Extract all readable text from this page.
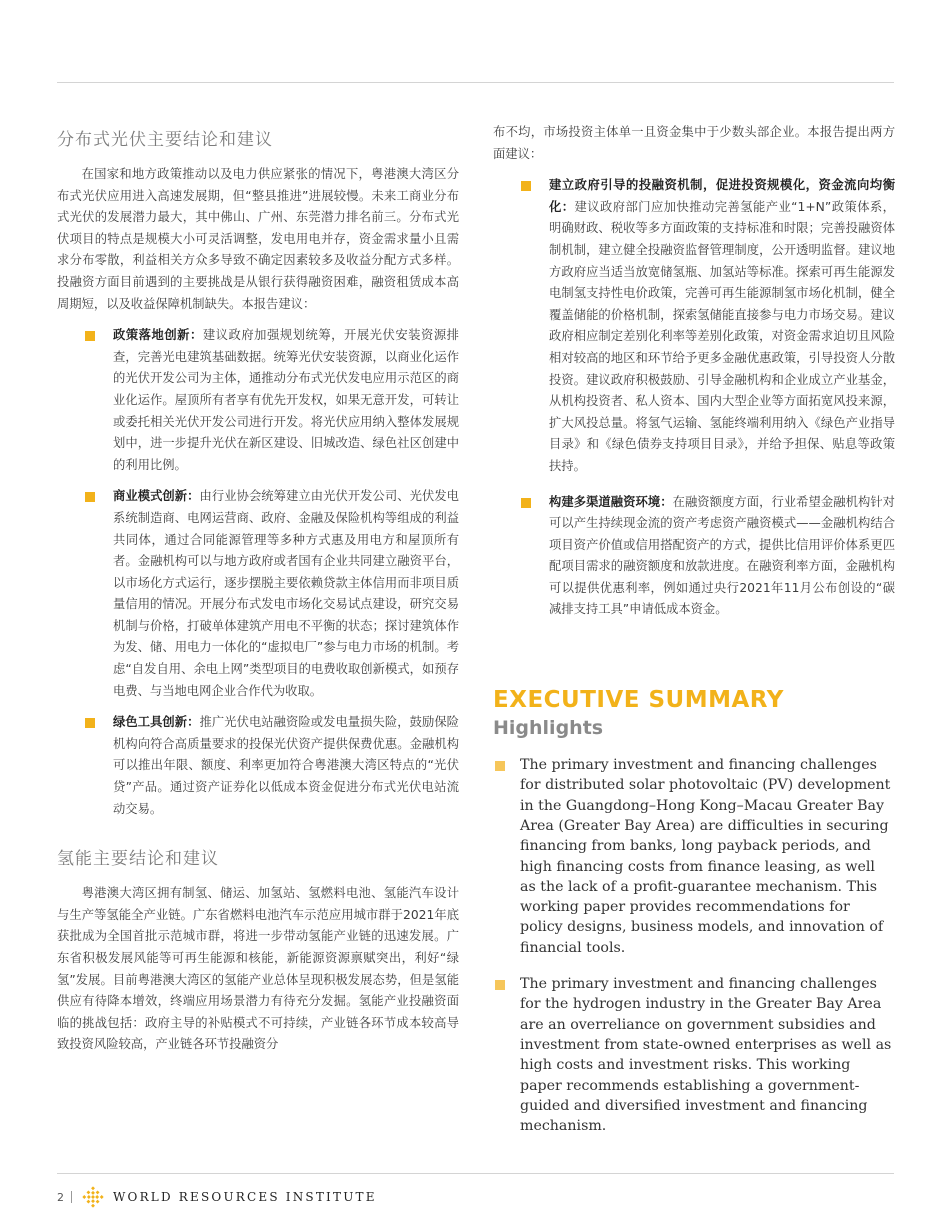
分布式光伏主要结论和建议

在国家和地方政策推动以及电力供应紧张的情况下，粤港澳大湾区分布式光伏应用进入高速发展期，但“整县推进”进展较慢。未来工商业分布式光伏的发展潜力最大，其中佛山、广州、东莞潜力排名前三。分布式光伏项目的特点是规模大小可灵活调整，发电用电并存，资金需求量小且需求分布零散，利益相关方众多导致不确定因素较多及收益分配方式多样。投融资方面目前遇到的主要挑战是从银行获得融资困难，融资租赁成本高周期短，以及收益保障机制缺失。本报告建议：

政策落地创新：建议政府加强规划统筹，开展光伏安装资源排查，完善光电建筑基础数据。统筹光伏安装资源，以商业化运作的光伏开发公司为主体，通推动分布式光伏发电应用示范区的商业化运作。屋顶所有者享有优先开发权，如果无意开发，可转让或委托相关光伏开发公司进行开发。将光伏应用纳入整体发展规划中，进一步提升光伏在新区建设、旧城改造、绿色社区创建中的利用比例。
商业模式创新：由行业协会统筹建立由光伏开发公司、光伏发电系统制造商、电网运营商、政府、金融及保险机构等组成的利益共同体，通过合同能源管理等多种方式惠及用电方和屋顶所有者。金融机构可以与地方政府或者国有企业共同建立融资平台，以市场化方式运行，逐步摆脱主要依赖贷款主体信用而非项目质量信用的情况。开展分布式发电市场化交易试点建设，研究交易机制与价格，打破单体建筑产用电不平衡的状态；探讨建筑体作为发、储、用电力一体化的“虚拟电厂”参与电力市场的机制。考虑“自发自用、余电上网”类型项目的电费收取创新模式，如预存电费、与当地电网企业合作代为收取。
绿色工具创新：推广光伏电站融资险或发电量损失险，鼓励保险机构向符合高质量要求的投保光伏资产提供保费优惠。金融机构可以推出年限、额度、利率更加符合粤港澳大湾区特点的“光伏贷”产品。通过资产证券化以低成本资金促进分布式光伏电站流动交易。
氢能主要结论和建议

粤港澳大湾区拥有制氢、储运、加氢站、氢燃料电池、氢能汽车设计与生产等氢能全产业链。广东省燃料电池汽车示范应用城市群于2021年底获批成为全国首批示范城市群，将进一步带动氢能产业链的迅速发展。广东省积极发展风能等可再生能源和核能，新能源资源禀赋突出，利好“绿氢”发展。目前粤港澳大湾区的氢能产业总体呈现积极发展态势，但是氢能供应有待降本增效，终端应用场景潜力有待充分发掘。氢能产业投融资面临的挑战包括：政府主导的补贴模式不可持续，产业链各环节成本较高导致投资风险较高，产业链各环节投融资分

布不均，市场投资主体单一且资金集中于少数头部企业。本报告提出两方面建议：

建立政府引导的投融资机制，促进投资规模化，资金流向均衡化：建议政府部门应加快推动完善氢能产业“1+N”政策体系，明确财政、税收等多方面政策的支持标准和时限；完善投融资体制机制，建立健全投融资监督管理制度，公开透明监督。建议地方政府应当适当放宽储氢瓶、加氢站等标准。探索可再生能源发电制氢支持性电价政策，完善可再生能源制氢市场化机制，健全覆盖储能的价格机制，探索氢储能直接参与电力市场交易。建议政府相应制定差别化利率等差别化政策，对资金需求迫切且风险相对较高的地区和环节给予更多金融优惠政策，引导投资人分散投资。建议政府积极鼓励、引导金融机构和企业成立产业基金，从机构投资者、私人资本、国内大型企业等方面拓宽风投来源，扩大风投总量。将氢气运输、氢能终端利用纳入《绿色产业指导目录》和《绿色债券支持项目目录》，并给予担保、贴息等政策扶持。
构建多渠道融资环境：在融资额度方面，行业希望金融机构针对可以产生持续现金流的资产考虑资产融资模式——金融机构结合项目资产价值或信用搭配资产的方式，提供比信用评价体系更匹配项目需求的融资额度和放款进度。在融资利率方面，金融机构可以提供优惠利率，例如通过央行2021年11月公布创设的“碳减排支持工具”申请低成本资金。
EXECUTIVE SUMMARY
Highlights
The primary investment and financing challenges for distributed solar photovoltaic (PV) development in the Guangdong–Hong Kong–Macau Greater Bay Area (Greater Bay Area) are difficulties in securing financing from banks, long payback periods, and high financing costs from finance leasing, as well as the lack of a profit-guarantee mechanism. This working paper provides recommendations for policy designs, business models, and innovation of financial tools.
The primary investment and financing challenges for the hydrogen industry in the Greater Bay Area are an overreliance on government subsidies and investment from state-owned enterprises as well as high costs and investment risks. This working paper recommends establishing a government-guided and diversified investment and financing mechanism.
2	WORLD RESOURCES INSTITUTE
